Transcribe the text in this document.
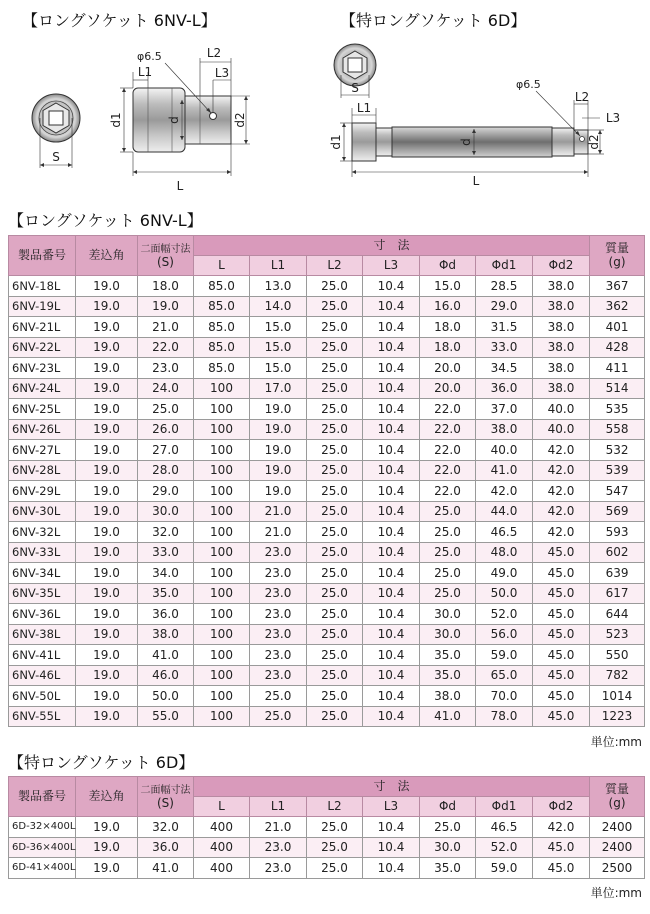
【ロングソケット 6NV-L】	【特ロングソケット 6D】
S
d1	d	d2
L
L1
φ6.5	L2
L3
S
d1	d	d2
L1
L
φ6.5
L2
L3
【ロングソケット 6NV-L】
製品番号	差込角	二面幅寸法
(S)	寸　法							質量
(g)
			L	L1	L2	L3	Φd	Φd1	Φd2	
6NV-18L	19.0	18.0	85.0	13.0	25.0	10.4	15.0	28.5	38.0	367
6NV-19L	19.0	19.0	85.0	14.0	25.0	10.4	16.0	29.0	38.0	362
6NV-21L	19.0	21.0	85.0	15.0	25.0	10.4	18.0	31.5	38.0	401
6NV-22L	19.0	22.0	85.0	15.0	25.0	10.4	18.0	33.0	38.0	428
6NV-23L	19.0	23.0	85.0	15.0	25.0	10.4	20.0	34.5	38.0	411
6NV-24L	19.0	24.0	100	17.0	25.0	10.4	20.0	36.0	38.0	514
6NV-25L	19.0	25.0	100	19.0	25.0	10.4	22.0	37.0	40.0	535
6NV-26L	19.0	26.0	100	19.0	25.0	10.4	22.0	38.0	40.0	558
6NV-27L	19.0	27.0	100	19.0	25.0	10.4	22.0	40.0	42.0	532
6NV-28L	19.0	28.0	100	19.0	25.0	10.4	22.0	41.0	42.0	539
6NV-29L	19.0	29.0	100	19.0	25.0	10.4	22.0	42.0	42.0	547
6NV-30L	19.0	30.0	100	21.0	25.0	10.4	25.0	44.0	42.0	569
6NV-32L	19.0	32.0	100	21.0	25.0	10.4	25.0	46.5	42.0	593
6NV-33L	19.0	33.0	100	23.0	25.0	10.4	25.0	48.0	45.0	602
6NV-34L	19.0	34.0	100	23.0	25.0	10.4	25.0	49.0	45.0	639
6NV-35L	19.0	35.0	100	23.0	25.0	10.4	25.0	50.0	45.0	617
6NV-36L	19.0	36.0	100	23.0	25.0	10.4	30.0	52.0	45.0	644
6NV-38L	19.0	38.0	100	23.0	25.0	10.4	30.0	56.0	45.0	523
6NV-41L	19.0	41.0	100	23.0	25.0	10.4	35.0	59.0	45.0	550
6NV-46L	19.0	46.0	100	23.0	25.0	10.4	35.0	65.0	45.0	782
6NV-50L	19.0	50.0	100	25.0	25.0	10.4	38.0	70.0	45.0	1014
6NV-55L	19.0	55.0	100	25.0	25.0	10.4	41.0	78.0	45.0	1223
単位:mm
【特ロングソケット 6D】
製品番号	差込角	二面幅寸法
(S)	寸　法							質量
(g)
			L	L1	L2	L3	Φd	Φd1	Φd2	
6D-32×400L	19.0	32.0	400	21.0	25.0	10.4	25.0	46.5	42.0	2400
6D-36×400L	19.0	36.0	400	23.0	25.0	10.4	30.0	52.0	45.0	2400
6D-41×400L	19.0	41.0	400	23.0	25.0	10.4	35.0	59.0	45.0	2500
単位:mm
